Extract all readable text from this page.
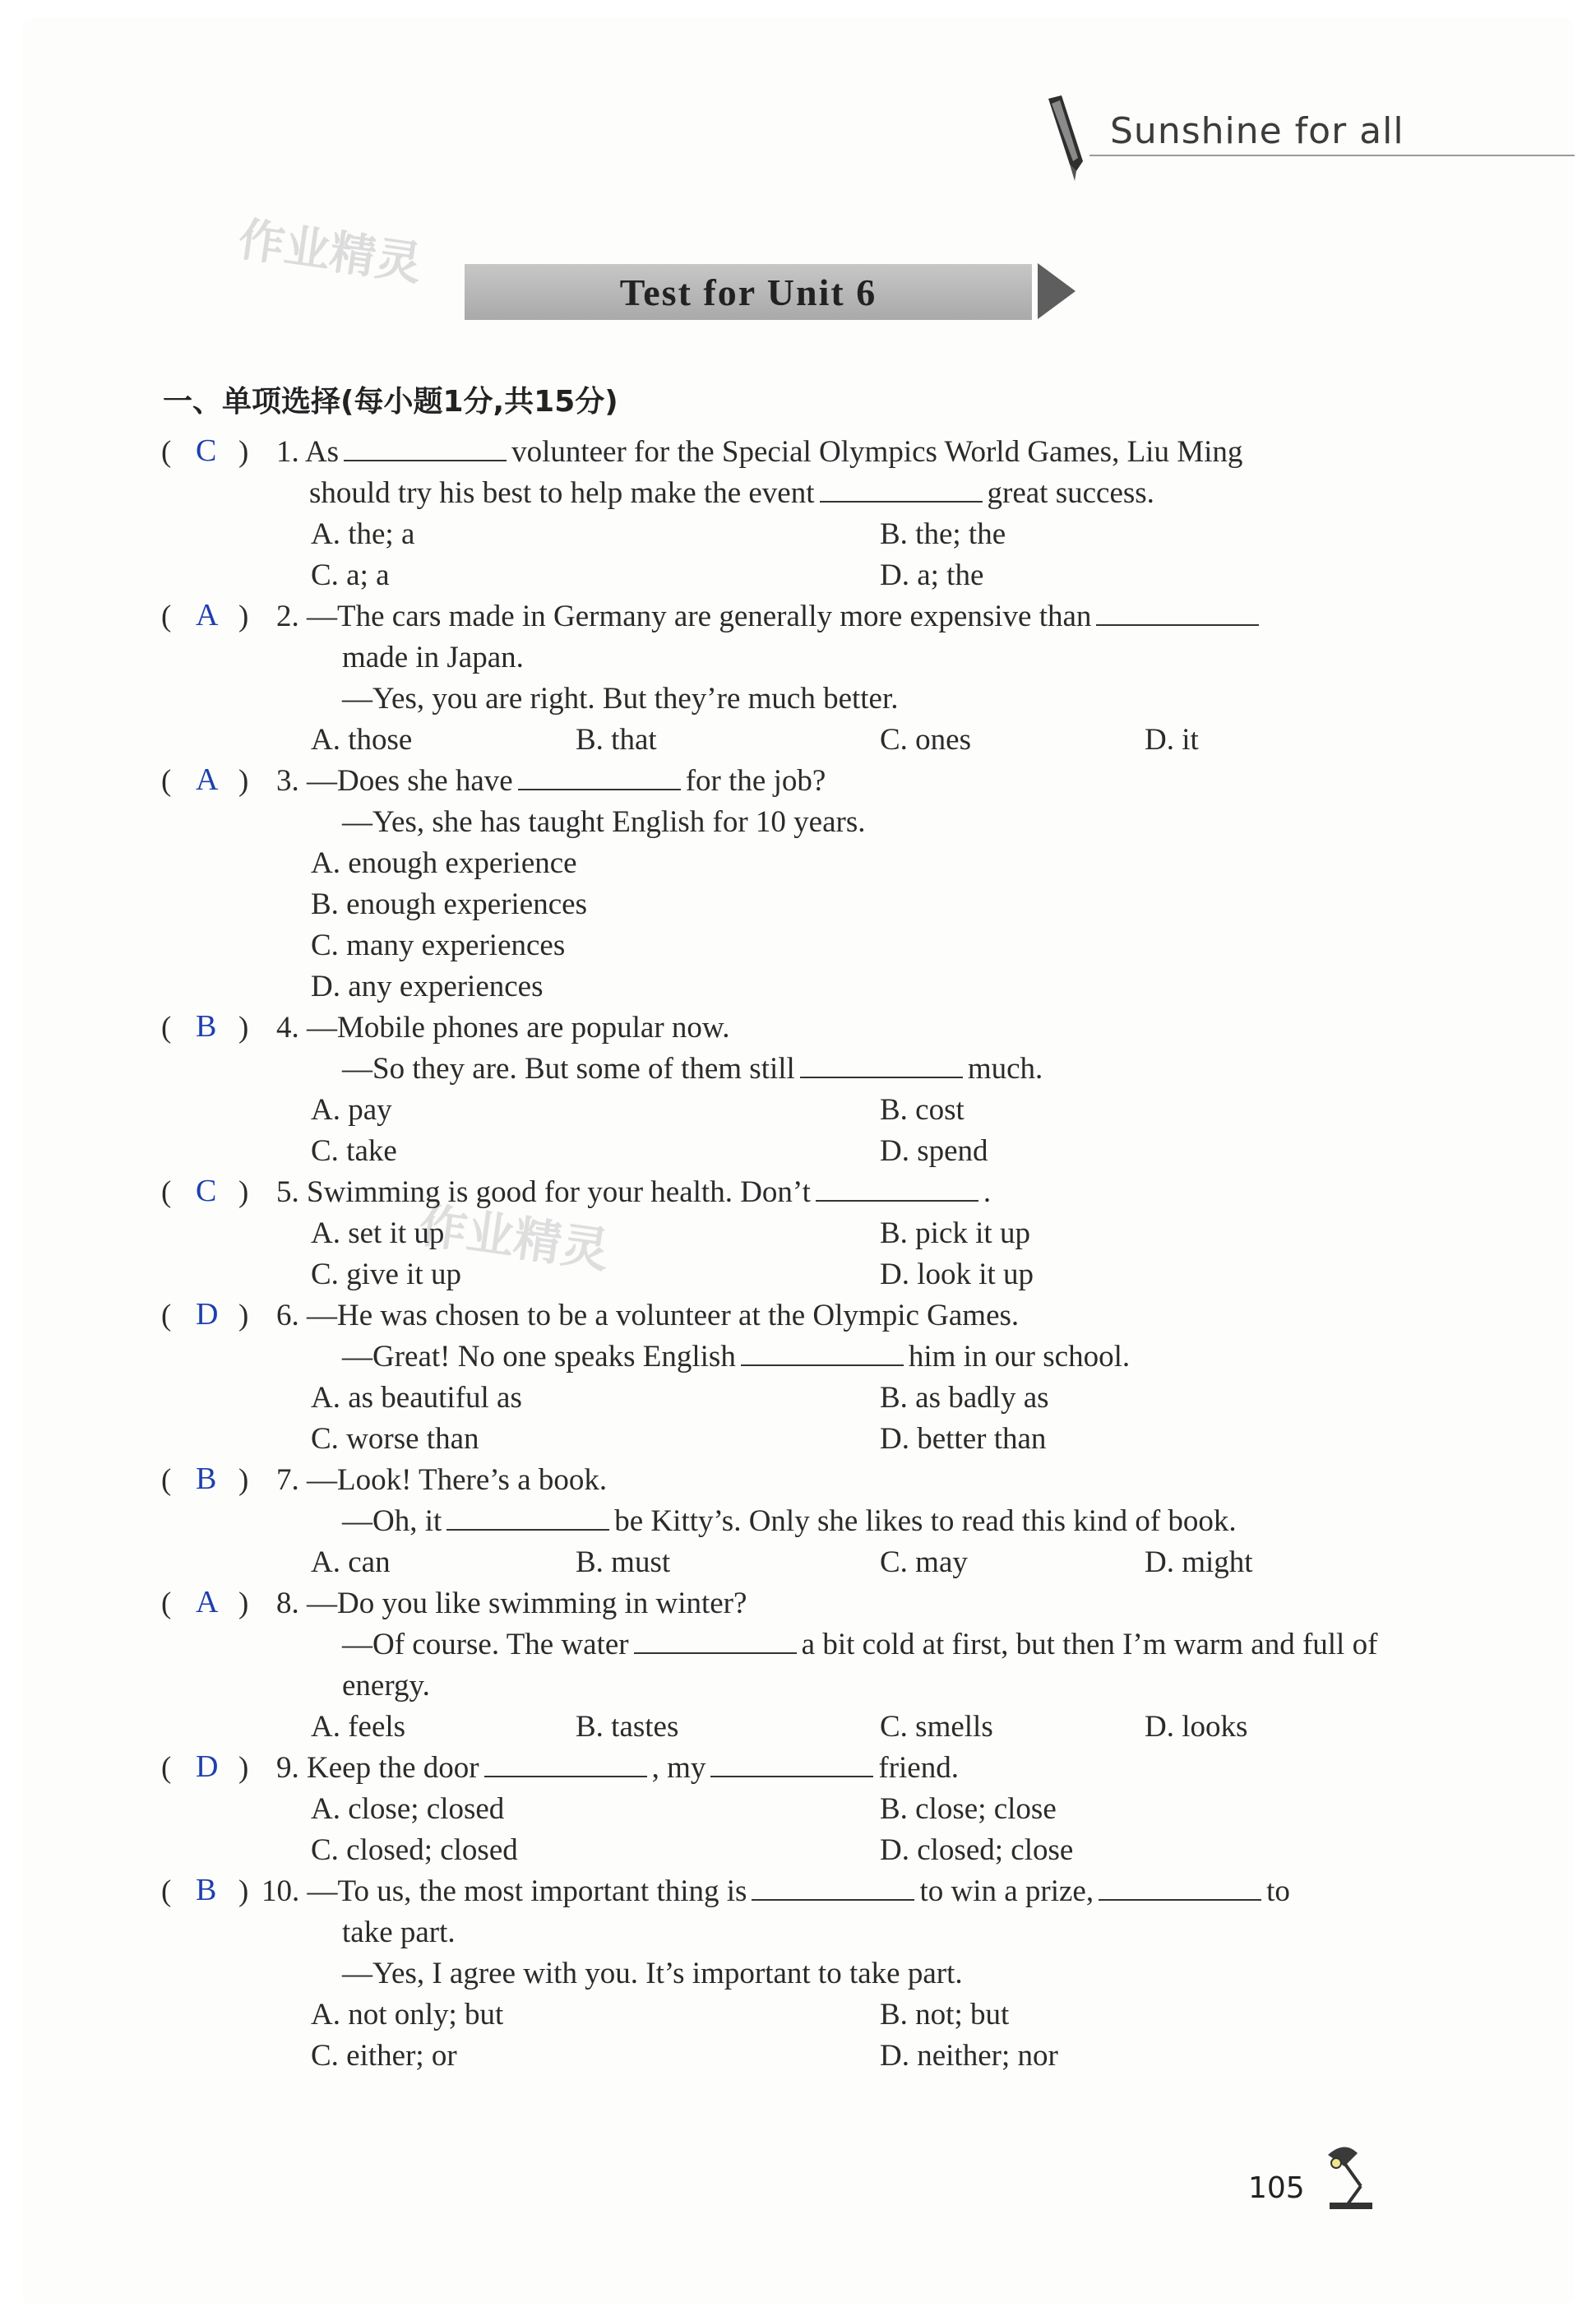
Sunshine for all
作业精灵
作业精灵
Test for Unit 6
一、单项选择(每小题1分,共15分)
( C ) 1. As	volunteer for the Special Olympics World Games, Liu Ming
should try his best to help make the event	great success.
A. the; a	B. the; the
C. a; a	D. a; the
( A ) 2. —The cars made in Germany are generally more expensive than
made in Japan.
—Yes, you are right. But they’re much better.
A. those	B. that	C. ones	D. it
( A ) 3. —Does she have	for the job?
—Yes, she has taught English for 10 years.
A. enough experience
B. enough experiences
C. many experiences
D. any experiences
( B ) 4. —Mobile phones are popular now.
—So they are. But some of them still	much.
A. pay	B. cost
C. take	D. spend
( C ) 5. Swimming is good for your health. Don’t	.
A. set it up	B. pick it up
C. give it up	D. look it up
( D ) 6. —He was chosen to be a volunteer at the Olympic Games.
—Great! No one speaks English	him in our school.
A. as beautiful as	B. as badly as
C. worse than	D. better than
( B ) 7. —Look! There’s a book.
—Oh, it	be Kitty’s. Only she likes to read this kind of book.
A. can	B. must	C. may	D. might
( A ) 8. —Do you like swimming in winter?
—Of course. The water	a bit cold at first, but then I’m warm and full of
energy.
A. feels	B. tastes	C. smells	D. looks
( D ) 9. Keep the door	, my	friend.
A. close; closed	B. close; close
C. closed; closed	D. closed; close
( B ) 10. —To us, the most important thing is	to win a prize,	to
take part.
—Yes, I agree with you. It’s important to take part.
A. not only; but	B. not; but
C. either; or	D. neither; nor
105
